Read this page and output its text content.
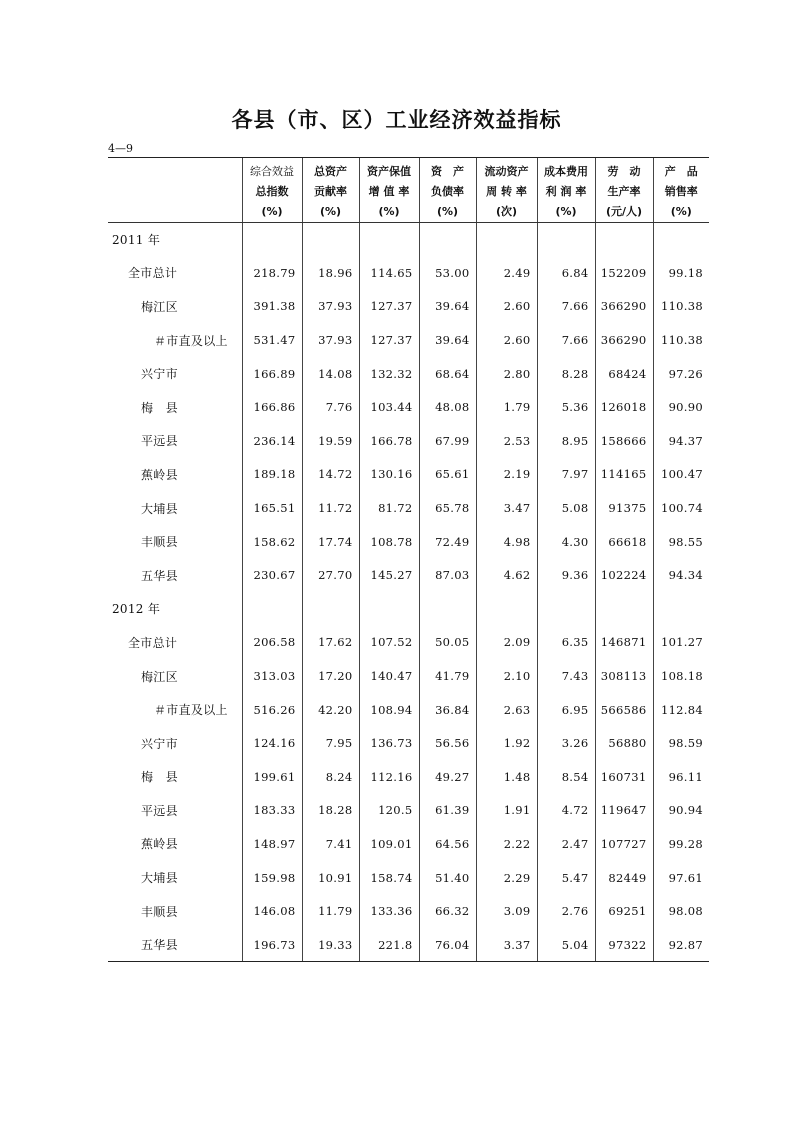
各县（市、区）工业经济效益指标
4—9

	综合效益
总指数
(%)	总资产
贡献率
(%)	资产保值
增 值 率
(%)	资　产
负债率
(%)	流动资产
周 转 率
(次)	成本费用
利 润 率
(%)	劳　动
生产率
(元/人)	产　品
销售率
(%)

2011 年								
全市总计	218.79	18.96	114.65	53.00	2.49	6.84	152209	99.18
梅江区	391.38	37.93	127.37	39.64	2.60	7.66	366290	110.38
＃市直及以上	531.47	37.93	127.37	39.64	2.60	7.66	366290	110.38
兴宁市	166.89	14.08	132.32	68.64	2.80	8.28	68424	97.26
梅　县	166.86	7.76	103.44	48.08	1.79	5.36	126018	90.90
平远县	236.14	19.59	166.78	67.99	2.53	8.95	158666	94.37
蕉岭县	189.18	14.72	130.16	65.61	2.19	7.97	114165	100.47
大埔县	165.51	11.72	81.72	65.78	3.47	5.08	91375	100.74
丰顺县	158.62	17.74	108.78	72.49	4.98	4.30	66618	98.55
五华县	230.67	27.70	145.27	87.03	4.62	9.36	102224	94.34
2012 年								
全市总计	206.58	17.62	107.52	50.05	2.09	6.35	146871	101.27
梅江区	313.03	17.20	140.47	41.79	2.10	7.43	308113	108.18
＃市直及以上	516.26	42.20	108.94	36.84	2.63	6.95	566586	112.84
兴宁市	124.16	7.95	136.73	56.56	1.92	3.26	56880	98.59
梅　县	199.61	8.24	112.16	49.27	1.48	8.54	160731	96.11
平远县	183.33	18.28	120.5	61.39	1.91	4.72	119647	90.94
蕉岭县	148.97	7.41	109.01	64.56	2.22	2.47	107727	99.28
大埔县	159.98	10.91	158.74	51.40	2.29	5.47	82449	97.61
丰顺县	146.08	11.79	133.36	66.32	3.09	2.76	69251	98.08
五华县	196.73	19.33	221.8	76.04	3.37	5.04	97322	92.87
